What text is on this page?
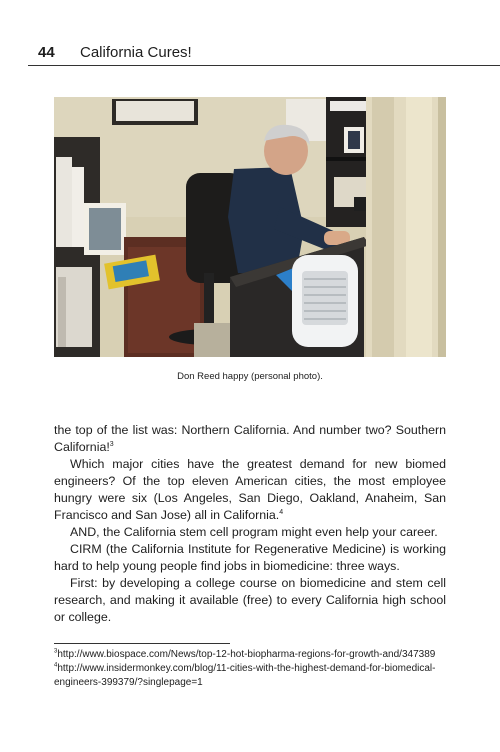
44 California Cures!
Don Reed happy (personal photo).

the top of the list was: Northern California. And number two? Southern California!$^3$

Which major cities have the greatest demand for new biomed engineers? Of the top eleven American cities, the most employee hungry were six (Los Angeles, San Diego, Oakland, Anaheim, San Francisco and San Jose) all in California.$^4$

AND, the California stem cell program might even help your career.

CIRM (the California Institute for Regenerative Medicine) is working hard to help young people find jobs in biomedicine: three ways.

First: by developing a college course on biomedicine and stem cell research, and making it available (free) to every California high school or college.

$^3$http://www.biospace.com/News/top-12-hot-biopharma-regions-for-growth-and/347389
$^4$http://www.insidermonkey.com/blog/11-cities-with-the-highest-demand-for-biomedical-engineers-399379/?singlepage=1
